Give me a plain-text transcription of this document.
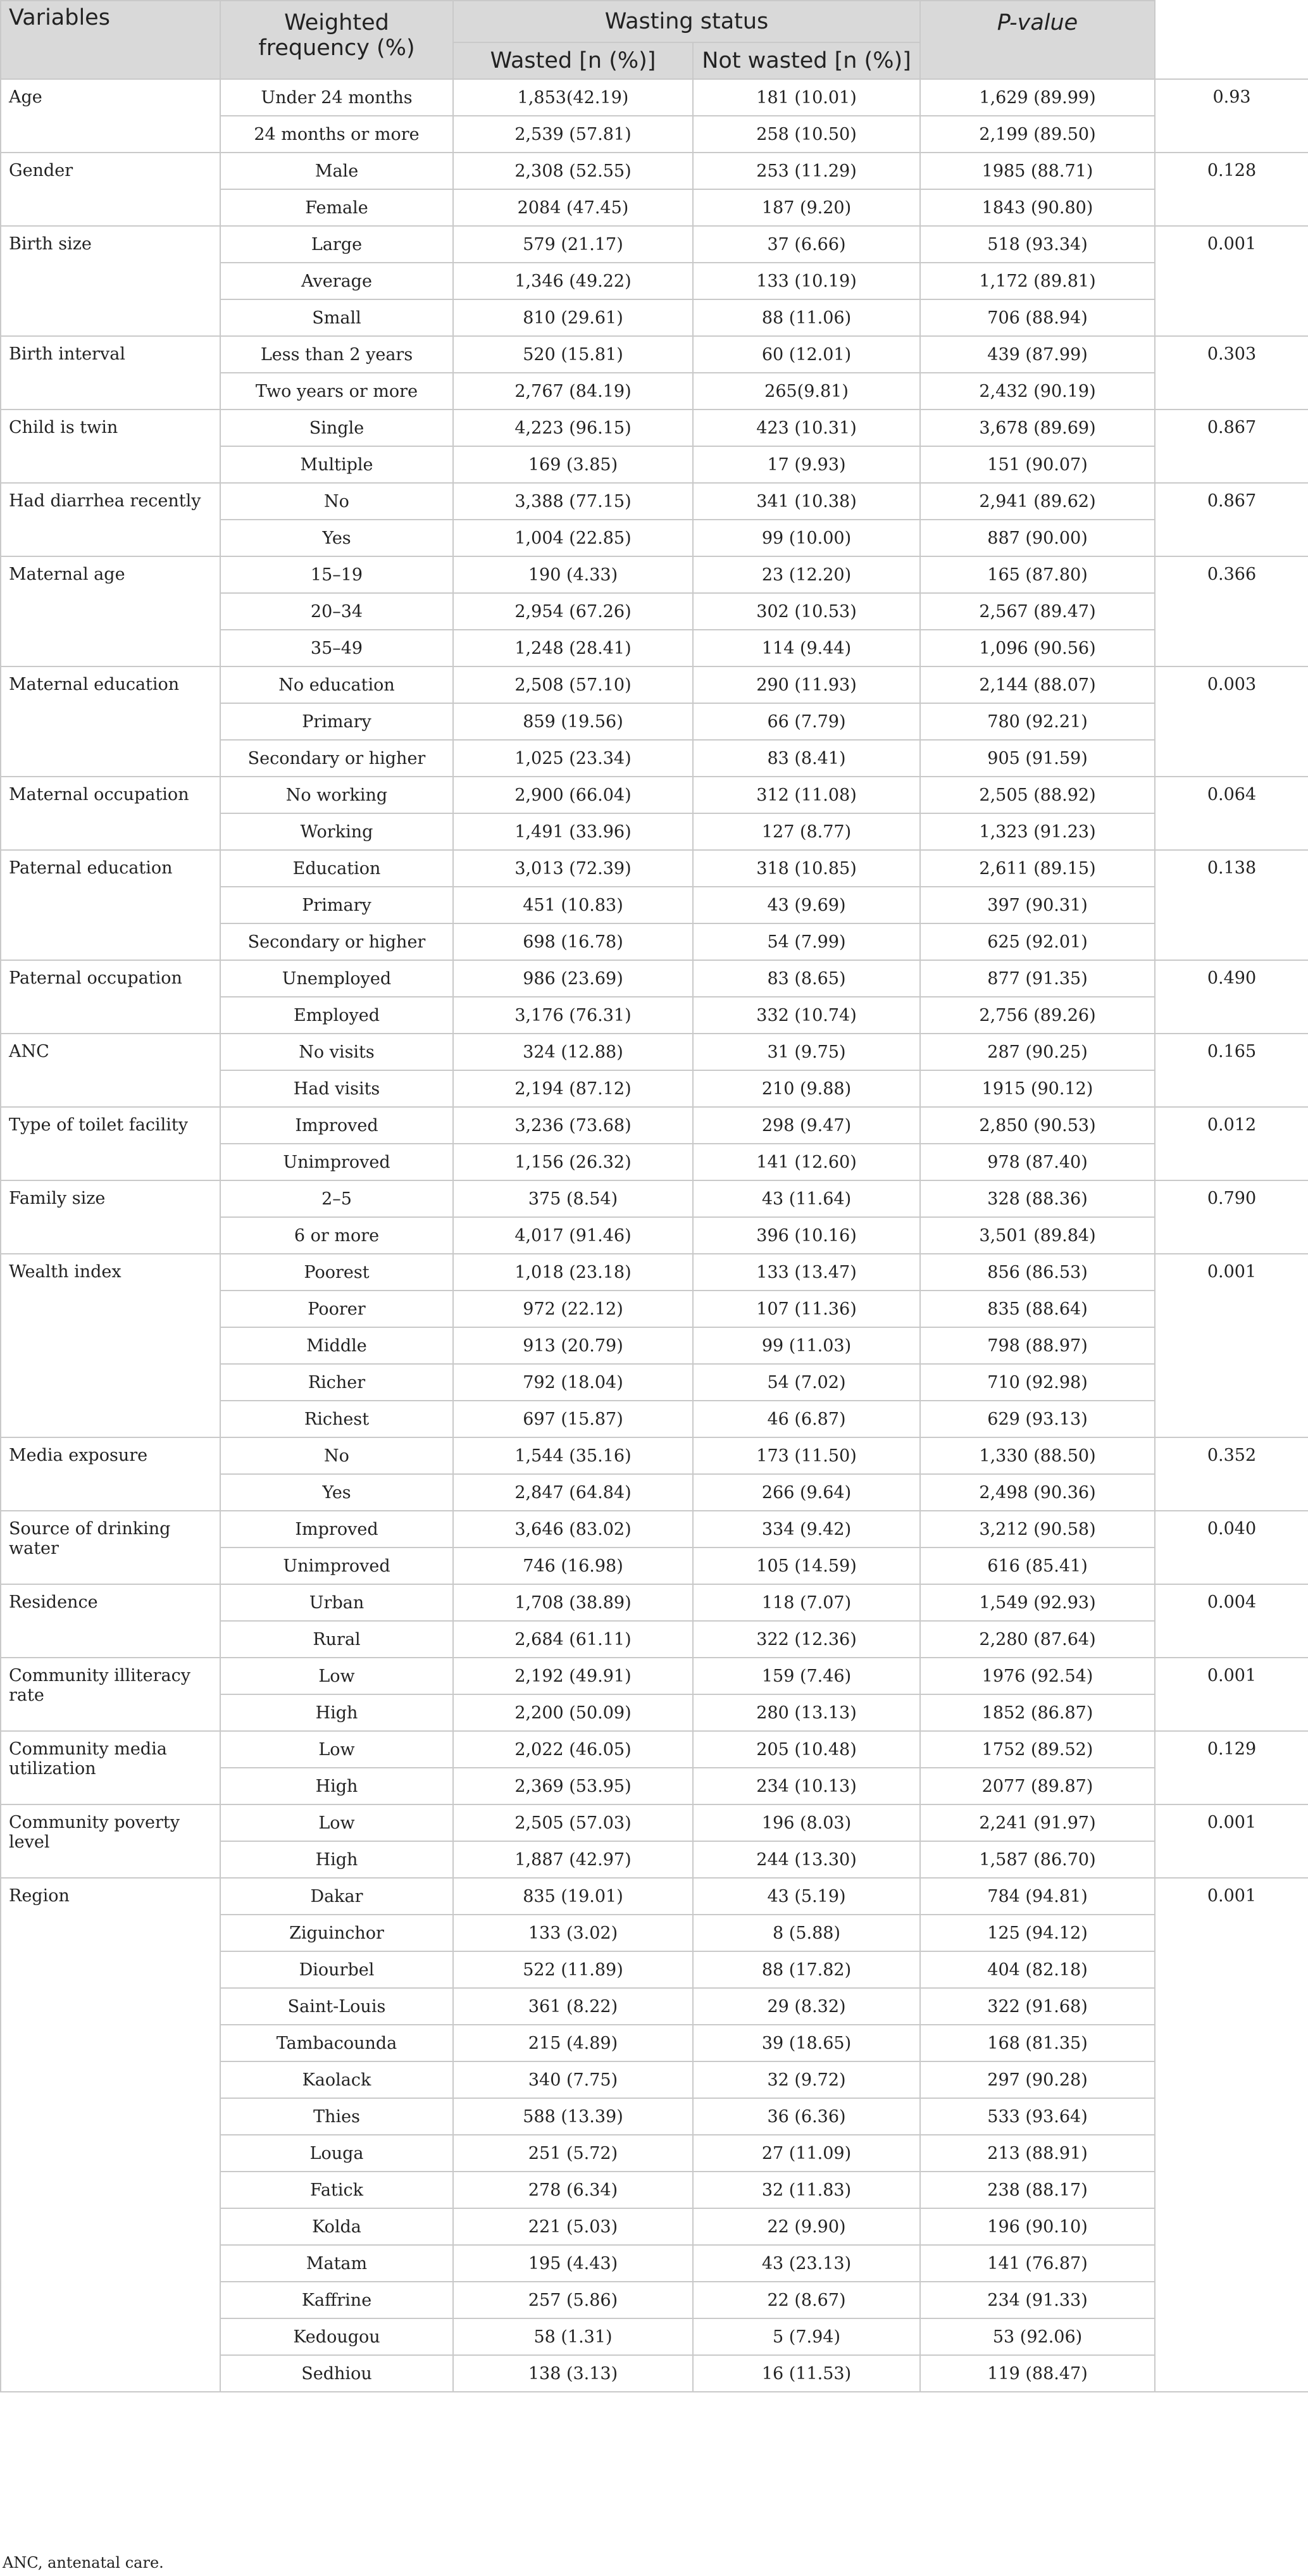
Variables	Weighted frequency (%)	Wasting status		P-value	
		Wasted [n (%)]	Not wasted [n (%)]		
Age	Under 24 months	1,853(42.19)	181 (10.01)	1,629 (89.99)	0.93
	24 months or more	2,539 (57.81)	258 (10.50)	2,199 (89.50)	
Gender	Male	2,308 (52.55)	253 (11.29)	1985 (88.71)	0.128
	Female	2084 (47.45)	187 (9.20)	1843 (90.80)	
Birth size	Large	579 (21.17)	37 (6.66)	518 (93.34)	0.001
	Average	1,346 (49.22)	133 (10.19)	1,172 (89.81)	
	Small	810 (29.61)	88 (11.06)	706 (88.94)	
Birth interval	Less than 2 years	520 (15.81)	60 (12.01)	439 (87.99)	0.303
	Two years or more	2,767 (84.19)	265(9.81)	2,432 (90.19)	
Child is twin	Single	4,223 (96.15)	423 (10.31)	3,678 (89.69)	0.867
	Multiple	169 (3.85)	17 (9.93)	151 (90.07)	
Had diarrhea recently	No	3,388 (77.15)	341 (10.38)	2,941 (89.62)	0.867
	Yes	1,004 (22.85)	99 (10.00)	887 (90.00)	
Maternal age	15–19	190 (4.33)	23 (12.20)	165 (87.80)	0.366
	20–34	2,954 (67.26)	302 (10.53)	2,567 (89.47)	
	35–49	1,248 (28.41)	114 (9.44)	1,096 (90.56)	
Maternal education	No education	2,508 (57.10)	290 (11.93)	2,144 (88.07)	0.003
	Primary	859 (19.56)	66 (7.79)	780 (92.21)	
	Secondary or higher	1,025 (23.34)	83 (8.41)	905 (91.59)	
Maternal occupation	No working	2,900 (66.04)	312 (11.08)	2,505 (88.92)	0.064
	Working	1,491 (33.96)	127 (8.77)	1,323 (91.23)	
Paternal education	Education	3,013 (72.39)	318 (10.85)	2,611 (89.15)	0.138
	Primary	451 (10.83)	43 (9.69)	397 (90.31)	
	Secondary or higher	698 (16.78)	54 (7.99)	625 (92.01)	
Paternal occupation	Unemployed	986 (23.69)	83 (8.65)	877 (91.35)	0.490
	Employed	3,176 (76.31)	332 (10.74)	2,756 (89.26)	
ANC	No visits	324 (12.88)	31 (9.75)	287 (90.25)	0.165
	Had visits	2,194 (87.12)	210 (9.88)	1915 (90.12)	
Type of toilet facility	Improved	3,236 (73.68)	298 (9.47)	2,850 (90.53)	0.012
	Unimproved	1,156 (26.32)	141 (12.60)	978 (87.40)	
Family size	2–5	375 (8.54)	43 (11.64)	328 (88.36)	0.790
	6 or more	4,017 (91.46)	396 (10.16)	3,501 (89.84)	
Wealth index	Poorest	1,018 (23.18)	133 (13.47)	856 (86.53)	0.001
	Poorer	972 (22.12)	107 (11.36)	835 (88.64)	
	Middle	913 (20.79)	99 (11.03)	798 (88.97)	
	Richer	792 (18.04)	54 (7.02)	710 (92.98)	
	Richest	697 (15.87)	46 (6.87)	629 (93.13)	
Media exposure	No	1,544 (35.16)	173 (11.50)	1,330 (88.50)	0.352
	Yes	2,847 (64.84)	266 (9.64)	2,498 (90.36)	
Source of drinking water	Improved	3,646 (83.02)	334 (9.42)	3,212 (90.58)	0.040
	Unimproved	746 (16.98)	105 (14.59)	616 (85.41)	
Residence	Urban	1,708 (38.89)	118 (7.07)	1,549 (92.93)	0.004
	Rural	2,684 (61.11)	322 (12.36)	2,280 (87.64)	
Community illiteracy rate	Low	2,192 (49.91)	159 (7.46)	1976 (92.54)	0.001
	High	2,200 (50.09)	280 (13.13)	1852 (86.87)	
Community media utilization	Low	2,022 (46.05)	205 (10.48)	1752 (89.52)	0.129
	High	2,369 (53.95)	234 (10.13)	2077 (89.87)	
Community poverty level	Low	2,505 (57.03)	196 (8.03)	2,241 (91.97)	0.001
	High	1,887 (42.97)	244 (13.30)	1,587 (86.70)	
Region	Dakar	835 (19.01)	43 (5.19)	784 (94.81)	0.001
	Ziguinchor	133 (3.02)	8 (5.88)	125 (94.12)	
	Diourbel	522 (11.89)	88 (17.82)	404 (82.18)	
	Saint-Louis	361 (8.22)	29 (8.32)	322 (91.68)	
	Tambacounda	215 (4.89)	39 (18.65)	168 (81.35)	
	Kaolack	340 (7.75)	32 (9.72)	297 (90.28)	
	Thies	588 (13.39)	36 (6.36)	533 (93.64)	
	Louga	251 (5.72)	27 (11.09)	213 (88.91)	
	Fatick	278 (6.34)	32 (11.83)	238 (88.17)	
	Kolda	221 (5.03)	22 (9.90)	196 (90.10)	
	Matam	195 (4.43)	43 (23.13)	141 (76.87)	
	Kaffrine	257 (5.86)	22 (8.67)	234 (91.33)	
	Kedougou	58 (1.31)	5 (7.94)	53 (92.06)	
	Sedhiou	138 (3.13)	16 (11.53)	119 (88.47)	
ANC, antenatal care.
